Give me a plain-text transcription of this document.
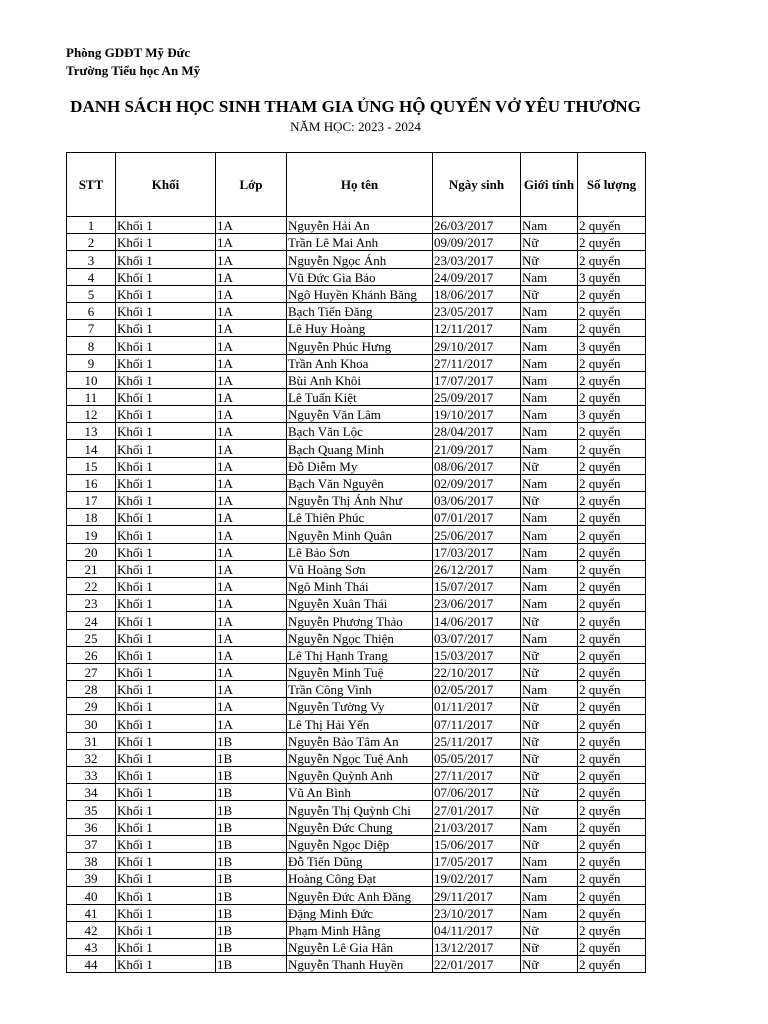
Phòng GDĐT Mỹ Đức
Trường Tiểu học An Mỹ
DANH SÁCH HỌC SINH THAM GIA ỦNG HỘ QUYỂN VỞ YÊU THƯƠNG
NĂM HỌC: 2023 - 2024
STT	Khối	Lớp	Họ tên	Ngày sinh	Giới tính	Số lượng
1	Khối 1	1A	Nguyễn Hải An	26/03/2017	Nam	2 quyển
2	Khối 1	1A	Trần Lê Mai Anh	09/09/2017	Nữ	2 quyển
3	Khối 1	1A	Nguyễn Ngọc Ánh	23/03/2017	Nữ	2 quyển
4	Khối 1	1A	Vũ Đức Gia Bảo	24/09/2017	Nam	3 quyển
5	Khối 1	1A	Ngô Huyền Khánh Băng	18/06/2017	Nữ	2 quyển
6	Khối 1	1A	Bạch Tiến Đăng	23/05/2017	Nam	2 quyển
7	Khối 1	1A	Lê Huy Hoàng	12/11/2017	Nam	2 quyển
8	Khối 1	1A	Nguyễn Phúc Hưng	29/10/2017	Nam	3 quyển
9	Khối 1	1A	Trần Anh Khoa	27/11/2017	Nam	2 quyển
10	Khối 1	1A	Bùi Anh Khôi	17/07/2017	Nam	2 quyển
11	Khối 1	1A	Lê Tuấn Kiệt	25/09/2017	Nam	2 quyển
12	Khối 1	1A	Nguyễn Văn Lâm	19/10/2017	Nam	3 quyển
13	Khối 1	1A	Bạch Văn Lộc	28/04/2017	Nam	2 quyển
14	Khối 1	1A	Bạch Quang Minh	21/09/2017	Nam	2 quyển
15	Khối 1	1A	Đỗ Diễm My	08/06/2017	Nữ	2 quyển
16	Khối 1	1A	Bạch Văn Nguyên	02/09/2017	Nam	2 quyển
17	Khối 1	1A	Nguyễn Thị Ánh Như	03/06/2017	Nữ	2 quyển
18	Khối 1	1A	Lê Thiên Phúc	07/01/2017	Nam	2 quyển
19	Khối 1	1A	Nguyễn Minh Quân	25/06/2017	Nam	2 quyển
20	Khối 1	1A	Lê Bảo Sơn	17/03/2017	Nam	2 quyển
21	Khối 1	1A	Vũ Hoàng Sơn	26/12/2017	Nam	2 quyển
22	Khối 1	1A	Ngô Minh Thái	15/07/2017	Nam	2 quyển
23	Khối 1	1A	Nguyễn Xuân Thái	23/06/2017	Nam	2 quyển
24	Khối 1	1A	Nguyễn Phương Thảo	14/06/2017	Nữ	2 quyển
25	Khối 1	1A	Nguyễn Ngọc Thiện	03/07/2017	Nam	2 quyển
26	Khối 1	1A	Lê Thị Hạnh Trang	15/03/2017	Nữ	2 quyển
27	Khối 1	1A	Nguyễn Minh Tuệ	22/10/2017	Nữ	2 quyển
28	Khối 1	1A	Trần Công Vinh	02/05/2017	Nam	2 quyển
29	Khối 1	1A	Nguyễn Tường Vy	01/11/2017	Nữ	2 quyển
30	Khối 1	1A	Lê Thị Hải Yến	07/11/2017	Nữ	2 quyển
31	Khối 1	1B	Nguyễn Bảo Tâm An	25/11/2017	Nữ	2 quyển
32	Khối 1	1B	Nguyễn Ngọc Tuệ Anh	05/05/2017	Nữ	2 quyển
33	Khối 1	1B	Nguyễn Quỳnh Anh	27/11/2017	Nữ	2 quyển
34	Khối 1	1B	Vũ An Bình	07/06/2017	Nữ	2 quyển
35	Khối 1	1B	Nguyễn Thị Quỳnh Chi	27/01/2017	Nữ	2 quyển
36	Khối 1	1B	Nguyễn Đức Chung	21/03/2017	Nam	2 quyển
37	Khối 1	1B	Nguyễn Ngọc Diệp	15/06/2017	Nữ	2 quyển
38	Khối 1	1B	Đỗ Tiến Dũng	17/05/2017	Nam	2 quyển
39	Khối 1	1B	Hoàng Công Đạt	19/02/2017	Nam	2 quyển
40	Khối 1	1B	Nguyễn Đức Anh Đăng	29/11/2017	Nam	2 quyển
41	Khối 1	1B	Đặng Minh Đức	23/10/2017	Nam	2 quyển
42	Khối 1	1B	Phạm Minh Hằng	04/11/2017	Nữ	2 quyển
43	Khối 1	1B	Nguyễn Lê Gia Hân	13/12/2017	Nữ	2 quyển
44	Khối 1	1B	Nguyễn Thanh Huyền	22/01/2017	Nữ	2 quyển
